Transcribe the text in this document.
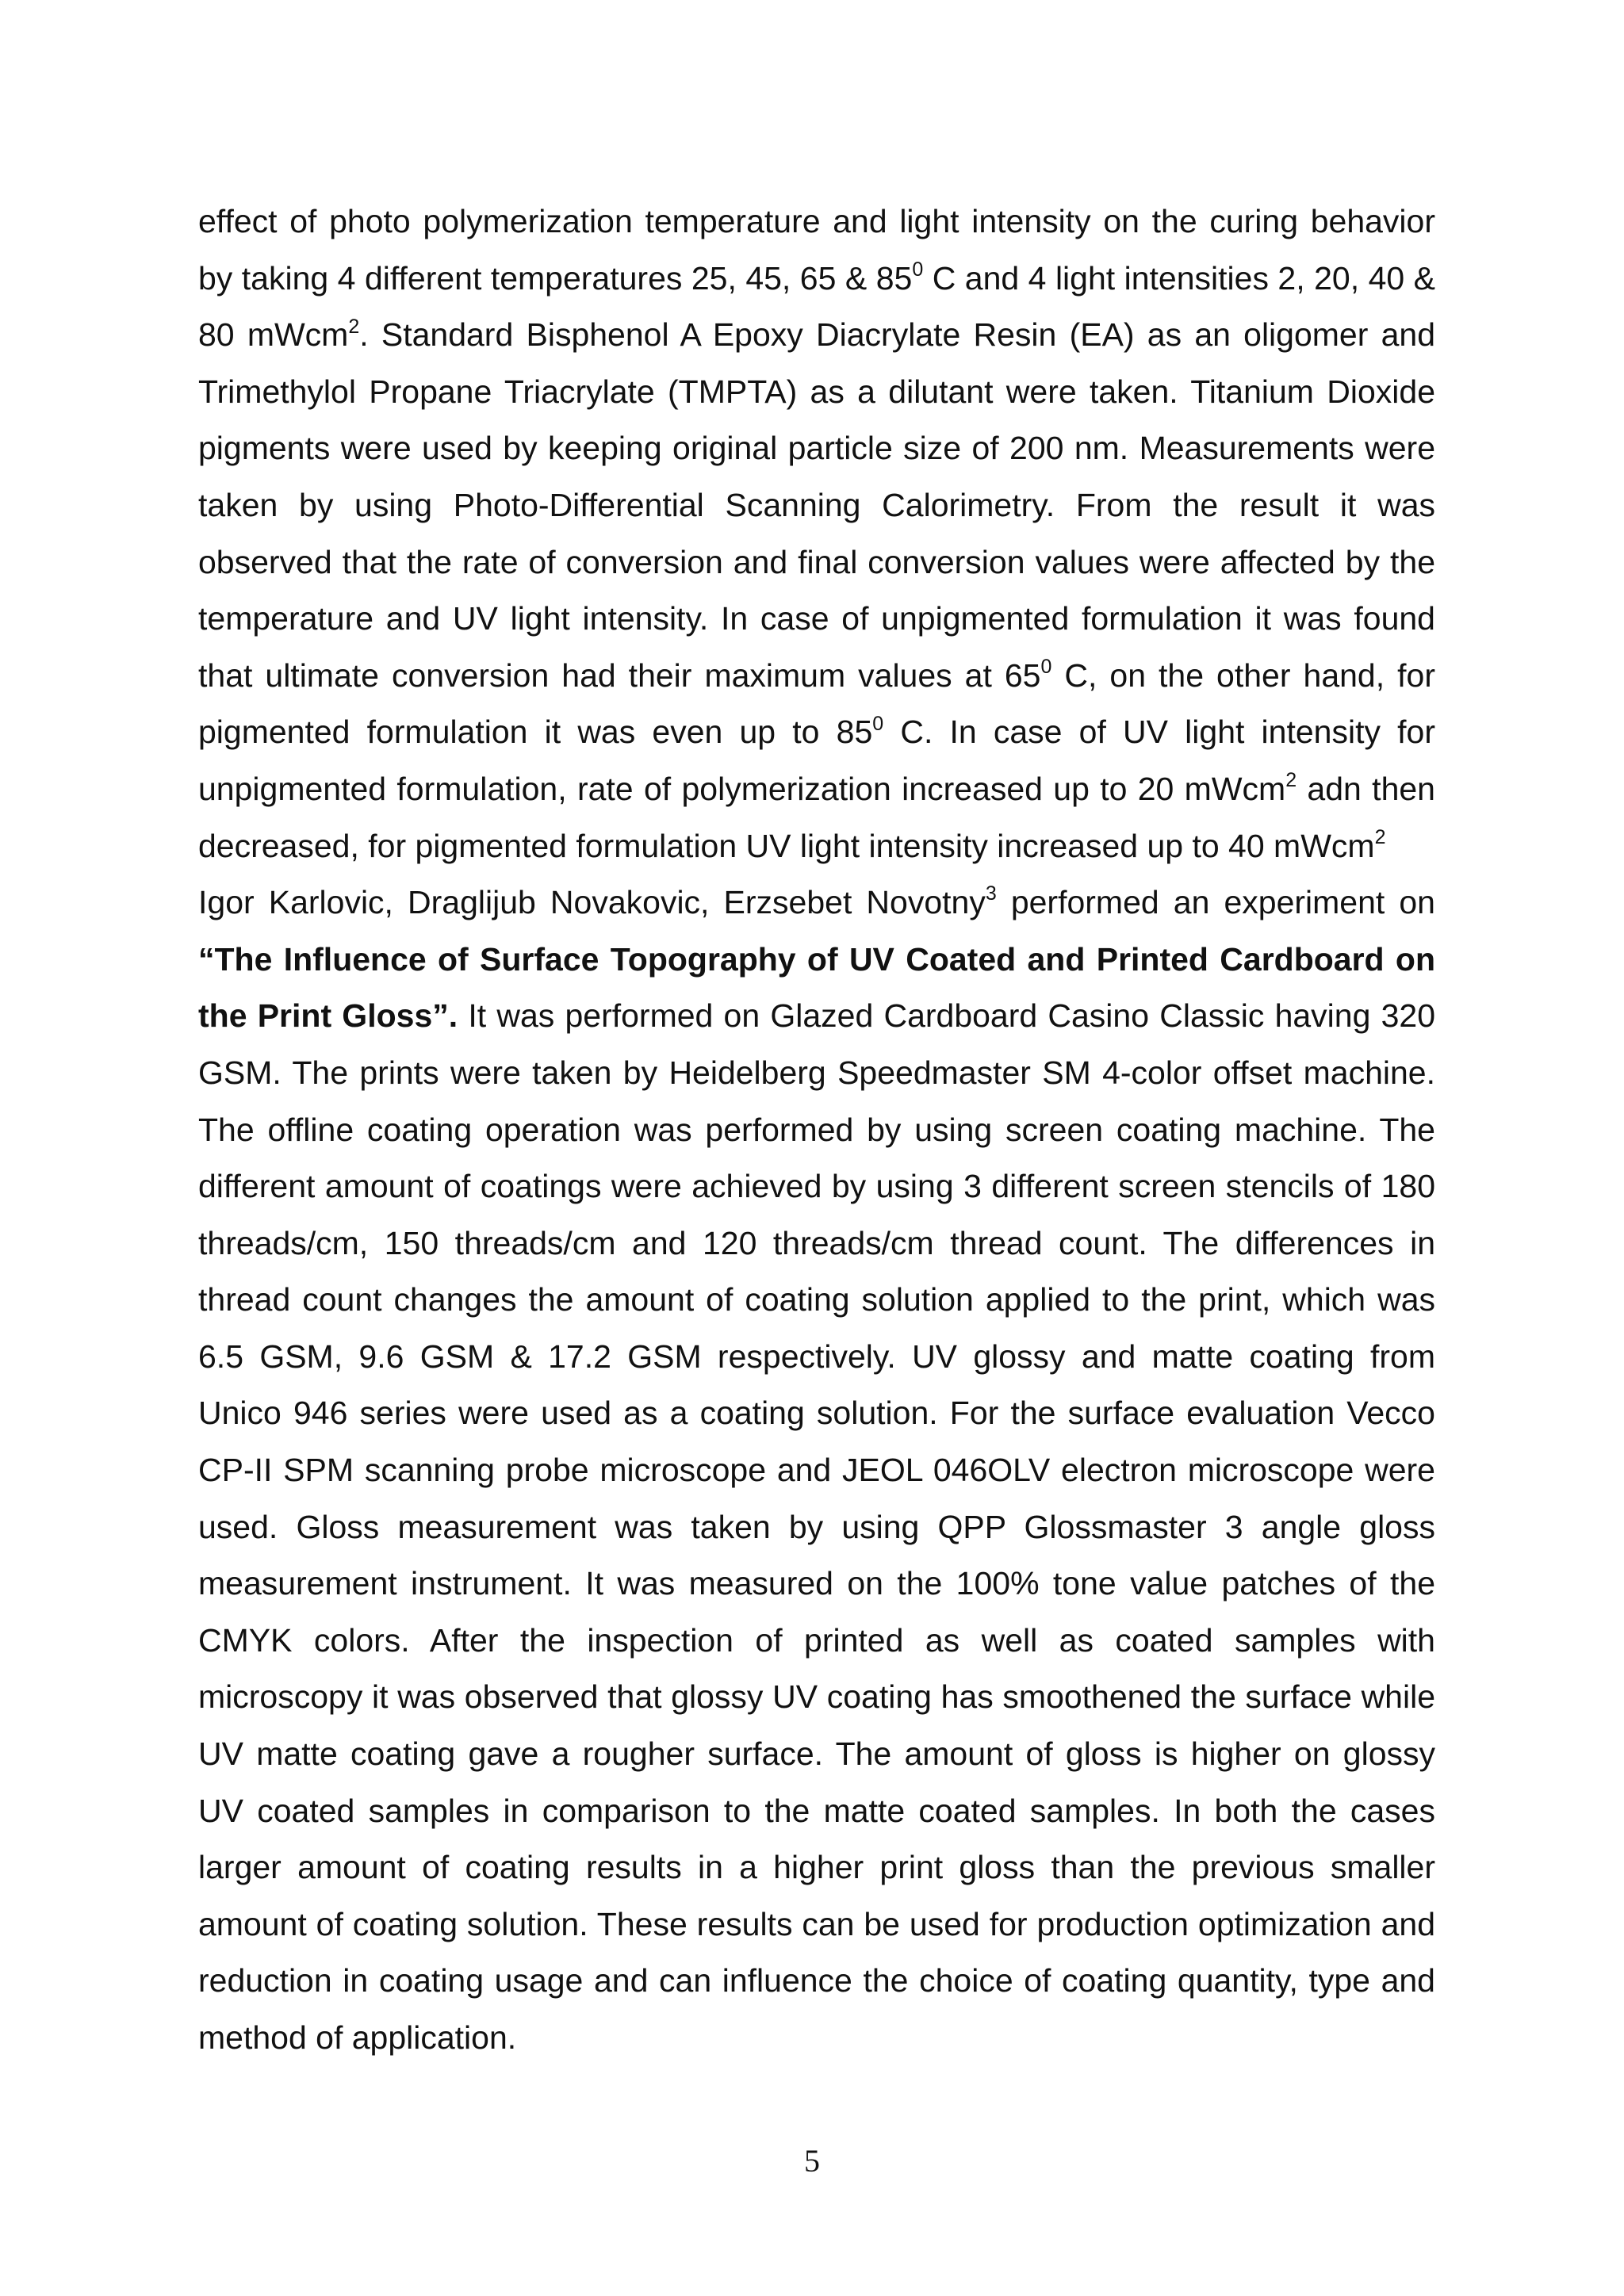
effect of photo polymerization temperature and light intensity on the curing behavior by taking 4 different temperatures 25, 45, 65 & $85^0$ C and 4 light intensities 2, 20, 40 & 80 mWcm$^2$. Standard Bisphenol A Epoxy Diacrylate Resin (EA) as an oligomer and Trimethylol Propane Triacrylate (TMPTA) as a dilutant were taken. Titanium Dioxide pigments were used by keeping original particle size of 200 nm. Measurements were taken by using Photo-Differential Scanning Calorimetry. From the result it was observed that the rate of conversion and final conversion values were affected by the temperature and UV light intensity. In case of unpigmented formulation it was found that ultimate conversion had their maximum values at $65^0$ C, on the other hand, for pigmented formulation it was even up to $85^0$ C. In case of UV light intensity for unpigmented formulation, rate of polymerization increased up to 20 mWcm$^2$ adn then decreased, for pigmented formulation UV light intensity increased up to 40 mWcm$^2$

Igor Karlovic, Draglijub Novakovic, Erzsebet Novotny$^3$ performed an experiment on “The Influence of Surface Topography of UV Coated and Printed Cardboard on the Print Gloss”. It was performed on Glazed Cardboard Casino Classic having 320 GSM. The prints were taken by Heidelberg Speedmaster SM 4-color offset machine. The offline coating operation was performed by using screen coating machine. The different amount of coatings were achieved by using 3 different screen stencils of 180 threads/cm, 150 threads/cm and 120 threads/cm thread count. The differences in thread count changes the amount of coating solution applied to the print, which was 6.5 GSM, 9.6 GSM & 17.2 GSM respectively. UV glossy and matte coating from Unico 946 series were used as a coating solution. For the surface evaluation Vecco CP-II SPM scanning probe microscope and JEOL 046OLV electron microscope were used. Gloss measurement was taken by using QPP Glossmaster 3 angle gloss measurement instrument. It was measured on the 100% tone value patches of the CMYK colors. After the inspection of printed as well as coated samples with microscopy it was observed that glossy UV coating has smoothened the surface while UV matte coating gave a rougher surface. The amount of gloss is higher on glossy UV coated samples in comparison to the matte coated samples. In both the cases larger amount of coating results in a higher print gloss than the previous smaller amount of coating solution. These results can be used for production optimization and reduction in coating usage and can influence the choice of coating quantity, type and method of application.

5
